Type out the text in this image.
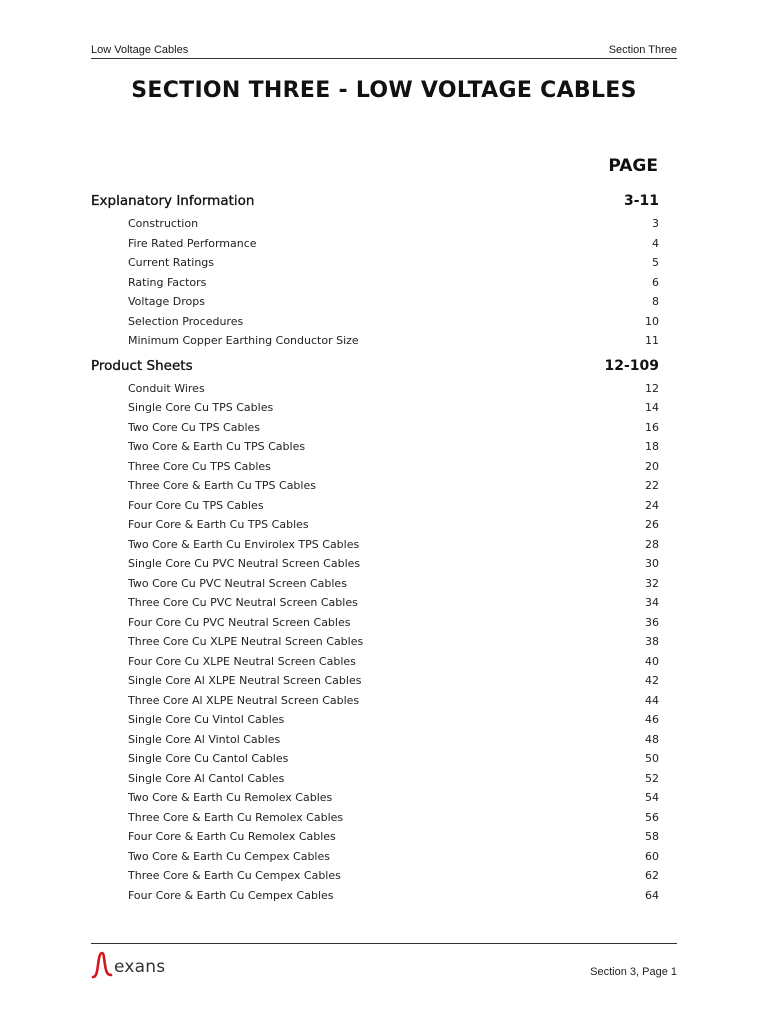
Low Voltage Cables	Section Three
SECTION THREE - LOW VOLTAGE CABLES
PAGE
Explanatory Information	3-11
Construction	3
Fire Rated Performance	4
Current Ratings	5
Rating Factors	6
Voltage Drops	8
Selection Procedures	10
Minimum Copper Earthing Conductor Size	11
Product Sheets	12-109
Conduit Wires	12
Single Core Cu TPS Cables	14
Two Core Cu TPS Cables	16
Two Core & Earth Cu TPS Cables	18
Three Core Cu TPS Cables	20
Three Core & Earth Cu TPS Cables	22
Four Core Cu TPS Cables	24
Four Core & Earth Cu TPS Cables	26
Two Core & Earth Cu Envirolex TPS Cables	28
Single Core Cu PVC Neutral Screen Cables	30
Two Core Cu PVC Neutral Screen Cables	32
Three Core Cu PVC Neutral Screen Cables	34
Four Core Cu PVC Neutral Screen Cables	36
Three Core Cu XLPE Neutral Screen Cables	38
Four Core Cu XLPE Neutral Screen Cables	40
Single Core Al XLPE Neutral Screen Cables	42
Three Core Al XLPE Neutral Screen Cables	44
Single Core Cu Vintol Cables	46
Single Core Al Vintol Cables	48
Single Core Cu Cantol Cables	50
Single Core Al Cantol Cables	52
Two Core & Earth Cu Remolex Cables	54
Three Core & Earth Cu Remolex Cables	56
Four Core & Earth Cu Remolex Cables	58
Two Core & Earth Cu Cempex Cables	60
Three Core & Earth Cu Cempex Cables	62
Four Core & Earth Cu Cempex Cables	64
exans	Section 3, Page 1
